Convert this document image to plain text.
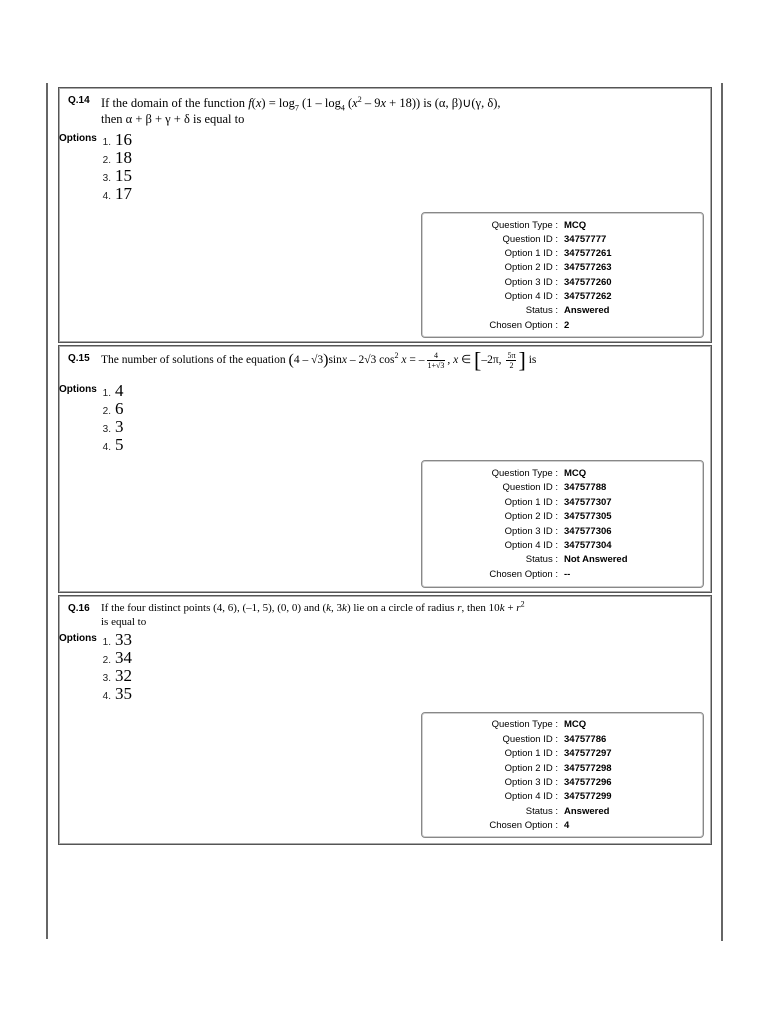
Q.14 If the domain of the function $f(x) = \log_7 (1 - \log_4 (x^2 - 9x + 18))$ is (α, β)∪(γ, δ),
then α + β + γ + δ is equal to
Options 1. 16
2. 18
3. 15
4. 17
Question Type : MCQ
Question ID : 34757777
Option 1 ID : 347577261
Option 2 ID : 347577263
Option 3 ID : 347577260
Option 4 ID : 347577262
Status : Answered
Chosen Option : 2
Q.15 The number of solutions of the equation (4 – √3)sinx – 2√3 $\cos^2 x$ = – $\frac{4}{1+√3}$ , x ∈ [–2π, $\frac{5\pi}{2}$ ] is
Options 1. 4
2. 6
3. 3
4. 5
Question Type : MCQ
Question ID : 34757788
Option 1 ID : 347577307
Option 2 ID : 347577305
Option 3 ID : 347577306
Option 4 ID : 347577304
Status : Not Answered
Chosen Option : --
Q.16 If the four distinct points (4, 6), (–1, 5), (0, 0) and (k, 3k) lie on a circle of radius r, then $10k + r^2$
is equal to
Options 1. 33
2. 34
3. 32
4. 35
Question Type : MCQ
Question ID : 34757786
Option 1 ID : 347577297
Option 2 ID : 347577298
Option 3 ID : 347577296
Option 4 ID : 347577299
Status : Answered
Chosen Option : 4
